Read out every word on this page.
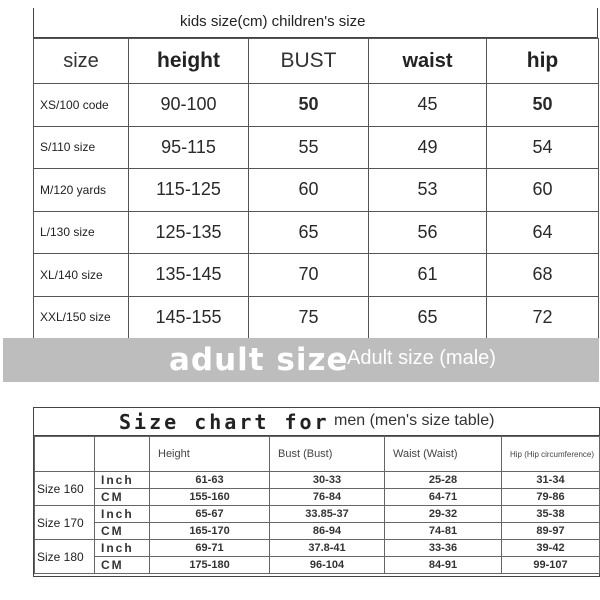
kids size(cm) children's size
size	height	BUST	waist	hip
XS/100 code	90-100	50	45	50
S/110 size	95-115	55	49	54
M/120 yards	115-125	60	53	60
L/130 size	125-135	65	56	64
XL/140 size	135-145	70	61	68
XXL/150 size	145-155	75	65	72
adult size
Adult size (male)
Size chart for men (men's size table)
		Height	Bust (Bust)	Waist (Waist)	Hip (Hip circumference)
Size 160	Inch	61-63	30-33	25-28	31-34
	CM	155-160	76-84	64-71	79-86
Size 170	Inch	65-67	33.85-37	29-32	35-38
	CM	165-170	86-94	74-81	89-97
Size 180	Inch	69-71	37.8-41	33-36	39-42
	CM	175-180	96-104	84-91	99-107
